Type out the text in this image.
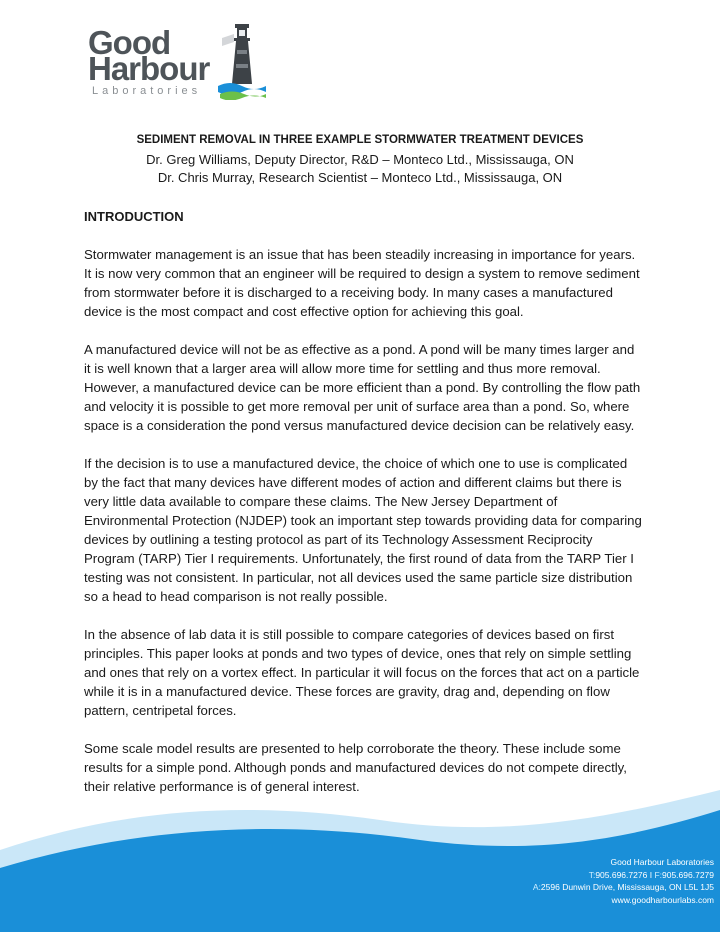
Good
Harbour
Laboratories

SEDIMENT REMOVAL IN THREE EXAMPLE STORMWATER TREATMENT DEVICES

Dr. Greg Williams, Deputy Director, R&D – Monteco Ltd., Mississauga, ON

Dr. Chris Murray, Research Scientist – Monteco Ltd., Mississauga, ON

INTRODUCTION

Stormwater management is an issue that has been steadily increasing in importance for years. It is now very common that an engineer will be required to design a system to remove sediment from stormwater before it is discharged to a receiving body. In many cases a manufactured device is the most compact and cost effective option for achieving this goal.

A manufactured device will not be as effective as a pond. A pond will be many times larger and it is well known that a larger area will allow more time for settling and thus more removal. However, a manufactured device can be more efficient than a pond. By controlling the flow path and velocity it is possible to get more removal per unit of surface area than a pond. So, where space is a consideration the pond versus manufactured device decision can be relatively easy.

If the decision is to use a manufactured device, the choice of which one to use is complicated by the fact that many devices have different modes of action and different claims but there is very little data available to compare these claims. The New Jersey Department of Environmental Protection (NJDEP) took an important step towards providing data for comparing devices by outlining a testing protocol as part of its Technology Assessment Reciprocity Program (TARP) Tier I requirements. Unfortunately, the first round of data from the TARP Tier I testing was not consistent. In particular, not all devices used the same particle size distribution so a head to head comparison is not really possible.

In the absence of lab data it is still possible to compare categories of devices based on first principles. This paper looks at ponds and two types of device, ones that rely on simple settling and ones that rely on a vortex effect. In particular it will focus on the forces that act on a particle while it is in a manufactured device. These forces are gravity, drag and, depending on flow pattern, centripetal forces.

Some scale model results are presented to help corroborate the theory. These include some results for a simple pond. Although ponds and manufactured devices do not compete directly, their relative performance is of general interest.

Good Harbour Laboratories
T:905.696.7276 I F:905.696.7279
A:2596 Dunwin Drive, Mississauga, ON L5L 1J5
www.goodharbourlabs.com
